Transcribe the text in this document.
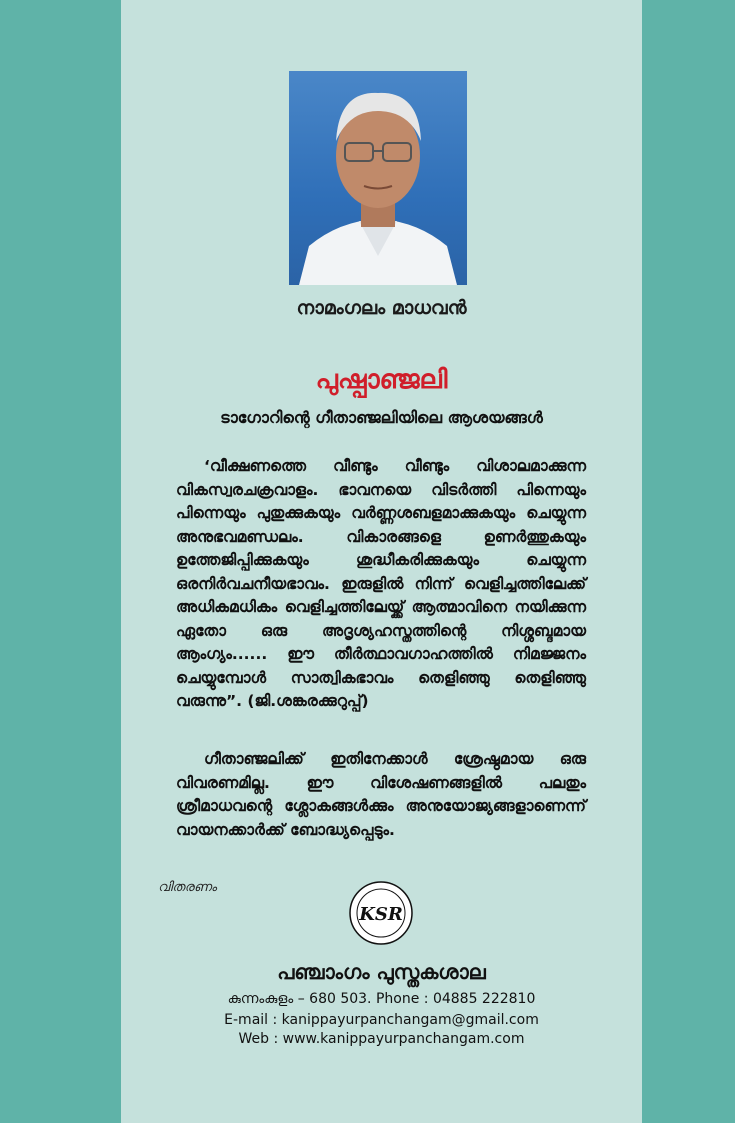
നാമംഗലം മാധവൻ
പുഷ്പാഞ്ജലി
ടാഗോറിന്റെ ഗീതാഞ്ജലിയിലെ ആശയങ്ങൾ
‘വീക്ഷണത്തെ വീണ്ടും വീണ്ടും വിശാലമാക്കുന്ന വികസ്വരചക്രവാളം. ഭാവനയെ വിടർത്തി പിന്നെയും പിന്നെയും പുതുക്കുകയും വർണ്ണശബളമാക്കുകയും ചെയ്യുന്ന അനുഭവമണ്ഡലം. വികാരങ്ങളെ ഉണർത്തുകയും ഉത്തേജിപ്പിക്കുകയും ശുദ്ധീകരിക്കുകയും ചെയ്യുന്ന ഒരനിർവചനീയഭാവം. ഇരുളിൽ നിന്ന് വെളിച്ചത്തിലേക്ക് അധികമധികം വെളിച്ചത്തിലേയ്ക്ക് ആത്മാവിനെ നയിക്കുന്ന ഏതോ ഒരു അദൃശ്യഹസ്തത്തിന്റെ നിശ്ശബ്ദമായ ആംഗ്യം...... ഈ തീർത്ഥാവഗാഹത്തിൽ നിമജ്ജനം ചെയ്യുമ്പോൾ സാത്വികഭാവം തെളിഞ്ഞു തെളിഞ്ഞു വരുന്നു”. (ജി.ശങ്കരക്കുറുപ്പ്)
ഗീതാഞ്ജലിക്ക് ഇതിനേക്കാൾ ശ്രേഷ്ഠമായ ഒരു വിവരണമില്ല. ഈ വിശേഷണങ്ങളിൽ പലതും ശ്രീമാധവന്റെ ശ്ലോകങ്ങൾക്കും അനുയോജ്യങ്ങളാണെന്ന് വായനക്കാർക്ക് ബോദ്ധ്യപ്പെടും.
വിതരണം
KSR
പഞ്ചാംഗം പുസ്തകശാല
കുന്നംകുളം – 680 503. Phone : 04885 222810
E-mail : kanippayurpanchangam@gmail.com
Web : www.kanippayurpanchangam.com
